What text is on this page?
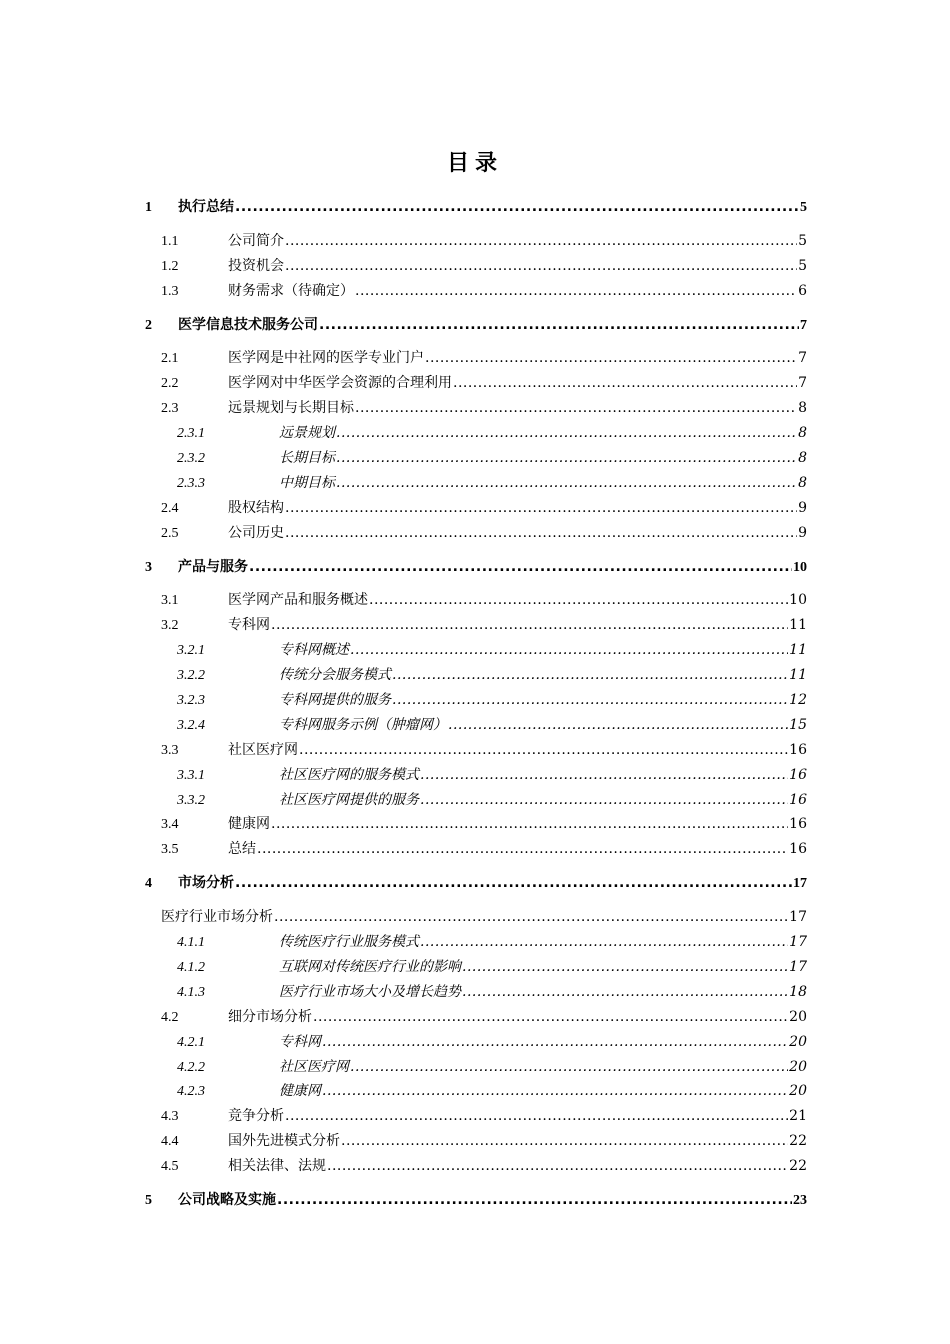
目录
1	执行总结 .....	5
1.1	公司简介 .....	5
1.2	投资机会 .....	5
1.3	财务需求（待确定） .....	6
2	医学信息技术服务公司 .....	7
2.1	医学网是中社网的医学专业门户 .....	7
2.2	医学网对中华医学会资源的合理利用 .....	7
2.3	远景规划与长期目标 .....	8
2.3.1	远景规划 .....	8
2.3.2	长期目标 .....	8
2.3.3	中期目标 .....	8
2.4	股权结构 .....	9
2.5	公司历史 .....	9
3	产品与服务 .....	10
3.1	医学网产品和服务概述 .....	10
3.2	专科网 .....	11
3.2.1	专科网概述 .....	11
3.2.2	传统分会服务模式 .....	11
3.2.3	专科网提供的服务 .....	12
3.2.4	专科网服务示例（肿瘤网） .....	15
3.3	社区医疗网 .....	16
3.3.1	社区医疗网的服务模式 .....	16
3.3.2	社区医疗网提供的服务 .....	16
3.4	健康网 .....	16
3.5	总结 .....	16
4	市场分析 .....	17
医疗行业市场分析 .....	17
4.1.1	传统医疗行业服务模式 .....	17
4.1.2	互联网对传统医疗行业的影响 .....	17
4.1.3	医疗行业市场大小及增长趋势 .....	18
4.2	细分市场分析 .....	20
4.2.1	专科网 .....	20
4.2.2	社区医疗网 .....	20
4.2.3	健康网 .....	20
4.3	竞争分析 .....	21
4.4	国外先进模式分析 .....	22
4.5	相关法律、法规 .....	22
5	公司战略及实施 .....	23
